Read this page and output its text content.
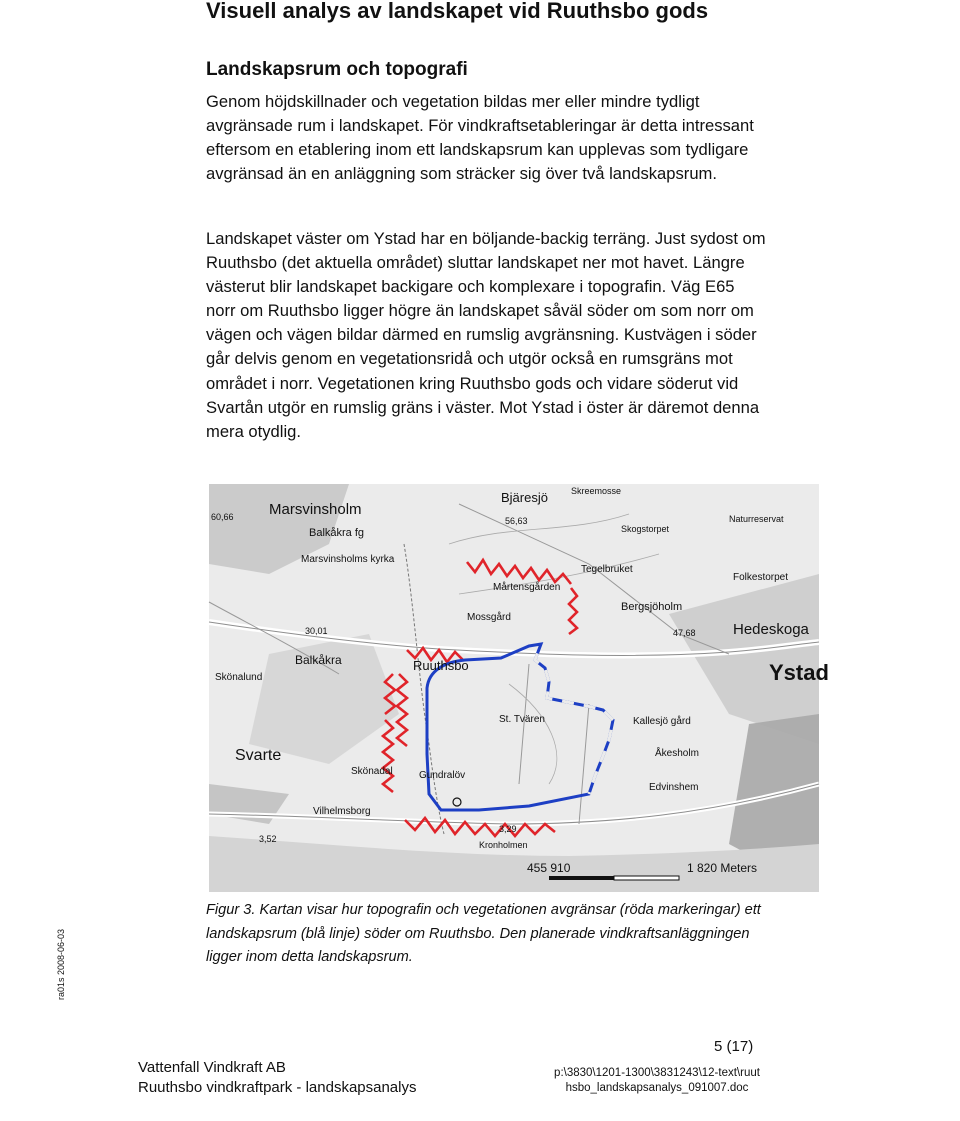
Visuell analys av landskapet vid Ruuthsbo gods
Landskapsrum och topografi

Genom höjdskillnader och vegetation bildas mer eller mindre tydligt avgränsade rum i landskapet. För vindkraftsetableringar är detta intressant eftersom en etablering inom ett landskapsrum kan upplevas som tydligare avgränsad än en anläggning som sträcker sig över två landskapsrum.

Landskapet väster om Ystad har en böljande-backig terräng. Just sydost om Ruuthsbo (det aktuella området) sluttar landskapet ner mot havet. Längre västerut blir landskapet backigare och komplexare i topografin. Väg E65 norr om Ruuthsbo ligger högre än landskapet såväl söder om som norr om vägen och vägen bildar därmed en rumslig avgränsning. Kustvägen i söder går delvis genom en vegetationsridå och utgör också en rumsgräns mot området i norr. Vegetationen kring Ruuthsbo gods och vidare söderut vid Svartån utgör en rumslig gräns i väster. Mot Ystad i öster är däremot denna mera otydlig.

Marsvinsholm
60,66
Bjäresjö
56,63
Balkåkra fg
Marsvinsholms kyrka
Skreemosse
Skogstorpet
Naturreservat
Tegelbruket
Mårtensgården
Folkestorpet
Mossgård
Bergsjöholm
47,68 Hedeskoga
30,01
Balkåkra	Ruuthsbo
Skönalund	Ystad
St. Tvären	Kallesjö gård
Åkesholm
Svarte
Skönadal	Gundralöv
Edvinshem
Vilhelmsborg
Kronholmen
3,52
3,29
455 910	1 820 Meters

Figur 3. Kartan visar hur topografin och vegetationen avgränsar (röda markeringar) ett landskapsrum (blå linje) söder om Ruuthsbo. Den planerade vindkraftsanläggningen ligger inom detta landskapsrum.

ra01s 2008-06-03
5 (17)
Vattenfall Vindkraft AB
Ruuthsbo vindkraftpark - landskapsanalys
p:\3830\1201-1300\3831243\12-text\ruuthsbo_landskapsanalys_091007.doc
